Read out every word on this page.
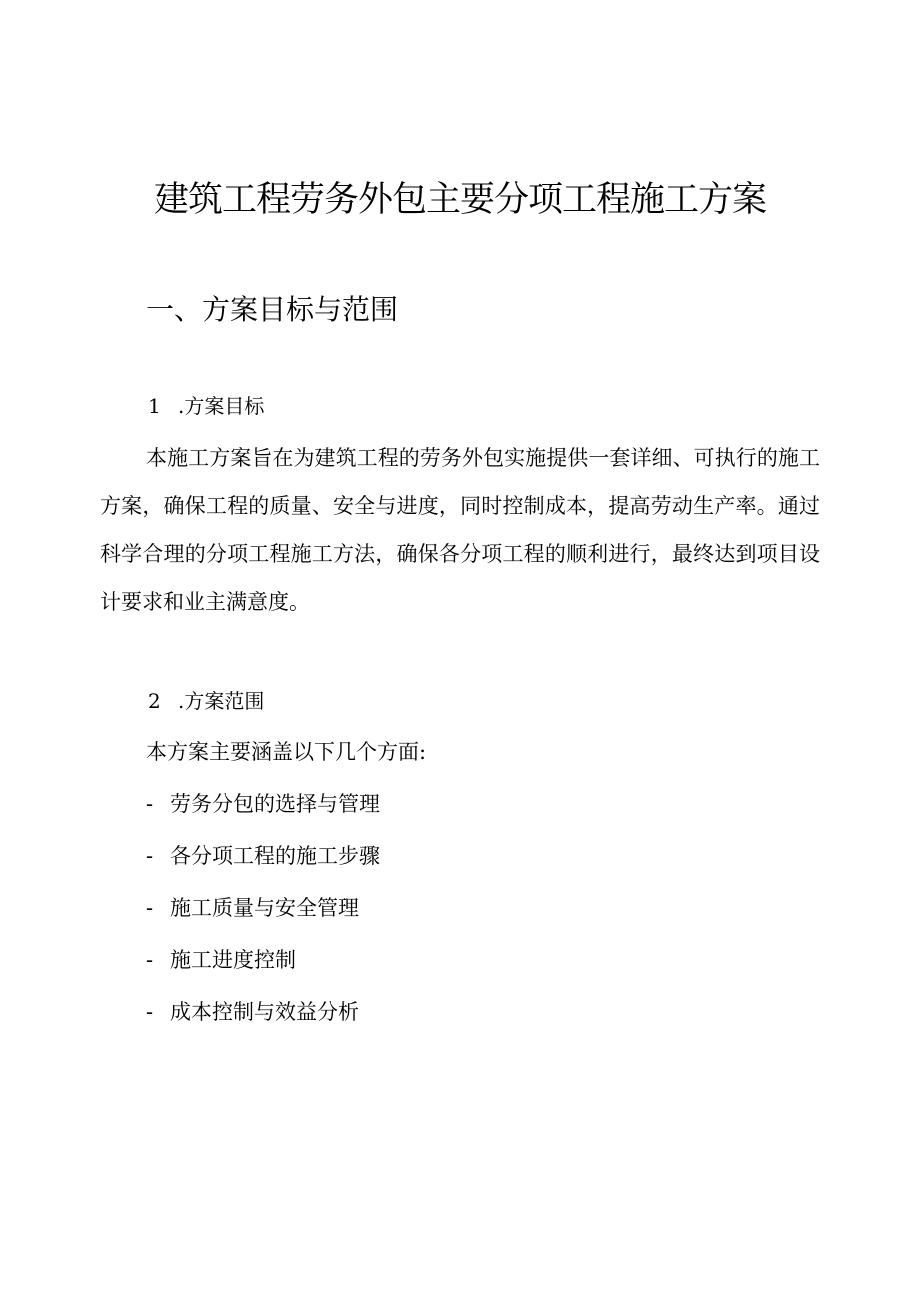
建筑工程劳务外包主要分项工程施工方案
一、方案目标与范围
1 .方案目标

本施工方案旨在为建筑工程的劳务外包实施提供一套详细、可执行的施工方案，确保工程的质量、安全与进度，同时控制成本，提高劳动生产率。通过科学合理的分项工程施工方法，确保各分项工程的顺利进行，最终达到项目设计要求和业主满意度。

2 .方案范围

本方案主要涵盖以下几个方面:

- 劳务分包的选择与管理
- 各分项工程的施工步骤
- 施工质量与安全管理
- 施工进度控制
- 成本控制与效益分析
